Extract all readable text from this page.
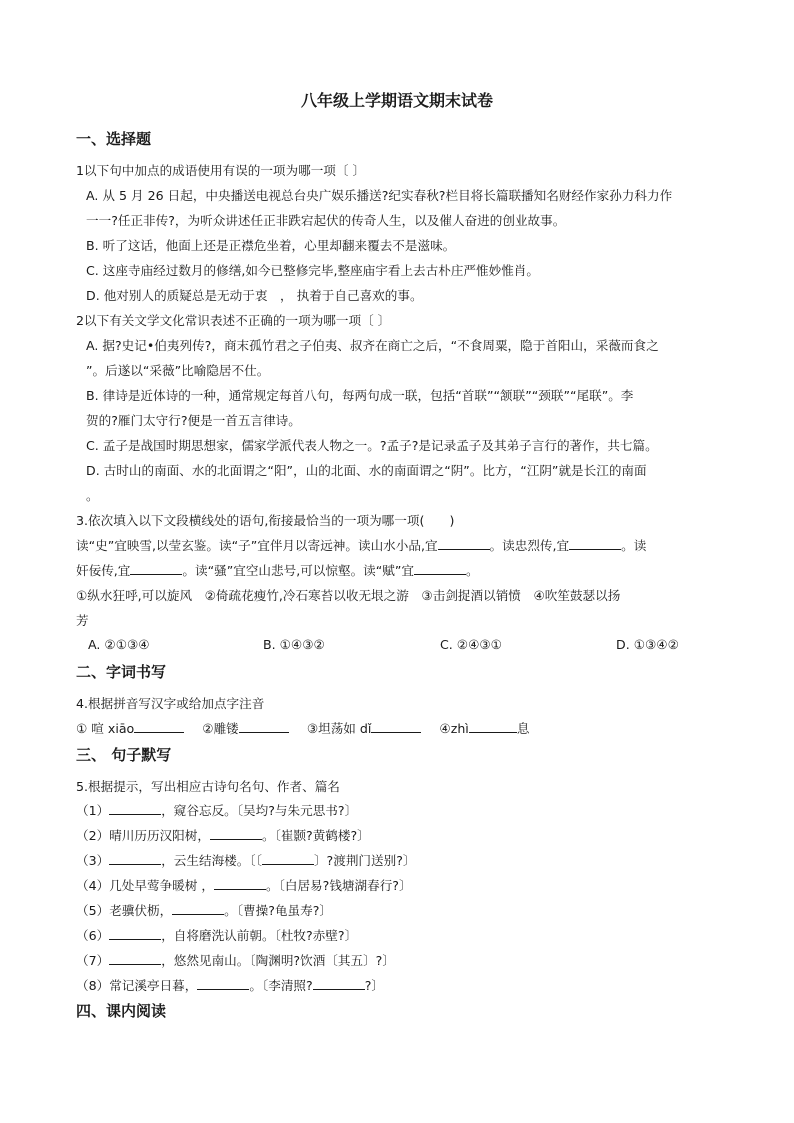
八年级上学期语文期末试卷
一、选择题
1以下句中加点的成语使用有误的一项为哪一项〔 〕
A. 从 5 月 26 日起，中央播送电视总台央广娱乐播送?纪实春秋?栏目将长篇联播知名财经作家孙力科力作
一一?任正非传?，为听众讲述任正非跌宕起伏的传奇人生，以及催人奋进的创业故事。
B. 听了这话，他面上还是正襟危坐着，心里却翻来覆去不是滋味。
C. 这座寺庙经过数月的修缮,如今已整修完毕,整座庙宇看上去古朴庄严惟妙惟肖。
D. 他对别人的质疑总是无动于衷　， 执着于自己喜欢的事。
2以下有关文学文化常识表述不正确的一项为哪一项〔 〕
A. 据?史记•伯夷列传?，商末孤竹君之子伯夷、叔齐在商亡之后，“不食周粟，隐于首阳山，采薇而食之
”。后遂以“采薇”比喻隐居不仕。
B. 律诗是近体诗的一种，通常规定每首八句，每两句成一联，包括“首联”“颔联”“颈联”“尾联”。李
贺的?雁门太守行?便是一首五言律诗。
C. 孟子是战国时期思想家，儒家学派代表人物之一。?孟子?是记录孟子及其弟子言行的著作，共七篇。
D. 古时山的南面、水的北面谓之“阳”，山的北面、水的南面谓之“阴”。比方，“江阴”就是长江的南面
。
3.依次填入以下文段横线处的语句,衔接最恰当的一项为哪一项(　　)
读“史”宜映雪,以莹玄鉴。读“子”宜伴月以寄远神。读山水小品,宜	。读忠烈传,宜	。读
奸佞传,宜	。读“骚”宜空山悲号,可以惊壑。读“赋”宜	。
①纵水狂呼,可以旋风　②倚疏花瘦竹,冷石寒苔以收无垠之游　③击剑捉酒以销愤　④吹笙鼓瑟以扬
芳
A. ②①③④	B. ①④③②	C. ②④③①	D. ①③④②
二、字词书写
4.根据拼音写汉字或给加点字注音
① 喧 xiāo	②雕镂	③坦荡如 dǐ	④zhì	息
三、 句子默写
5.根据提示，写出相应古诗句名句、作者、篇名
（1）	，窥谷忘反。〔吴均?与朱元思书?〕
（2）晴川历历汉阳树，	。〔崔颢?黄鹤楼?〕
（3）	，云生结海楼。〔〔	〕?渡荆门送别?〕
（4）几处早莺争暖树 ，	。〔白居易?钱塘湖春行?〕
（5）老骥伏枥，	。〔曹操?龟虽寿?〕
（6）	，自将磨洗认前朝。〔杜牧?赤壁?〕
（7）	，悠然见南山。〔陶渊明?饮酒〔其五〕?〕
（8）常记溪亭日暮，	。〔李清照?	?〕
四、课内阅读
